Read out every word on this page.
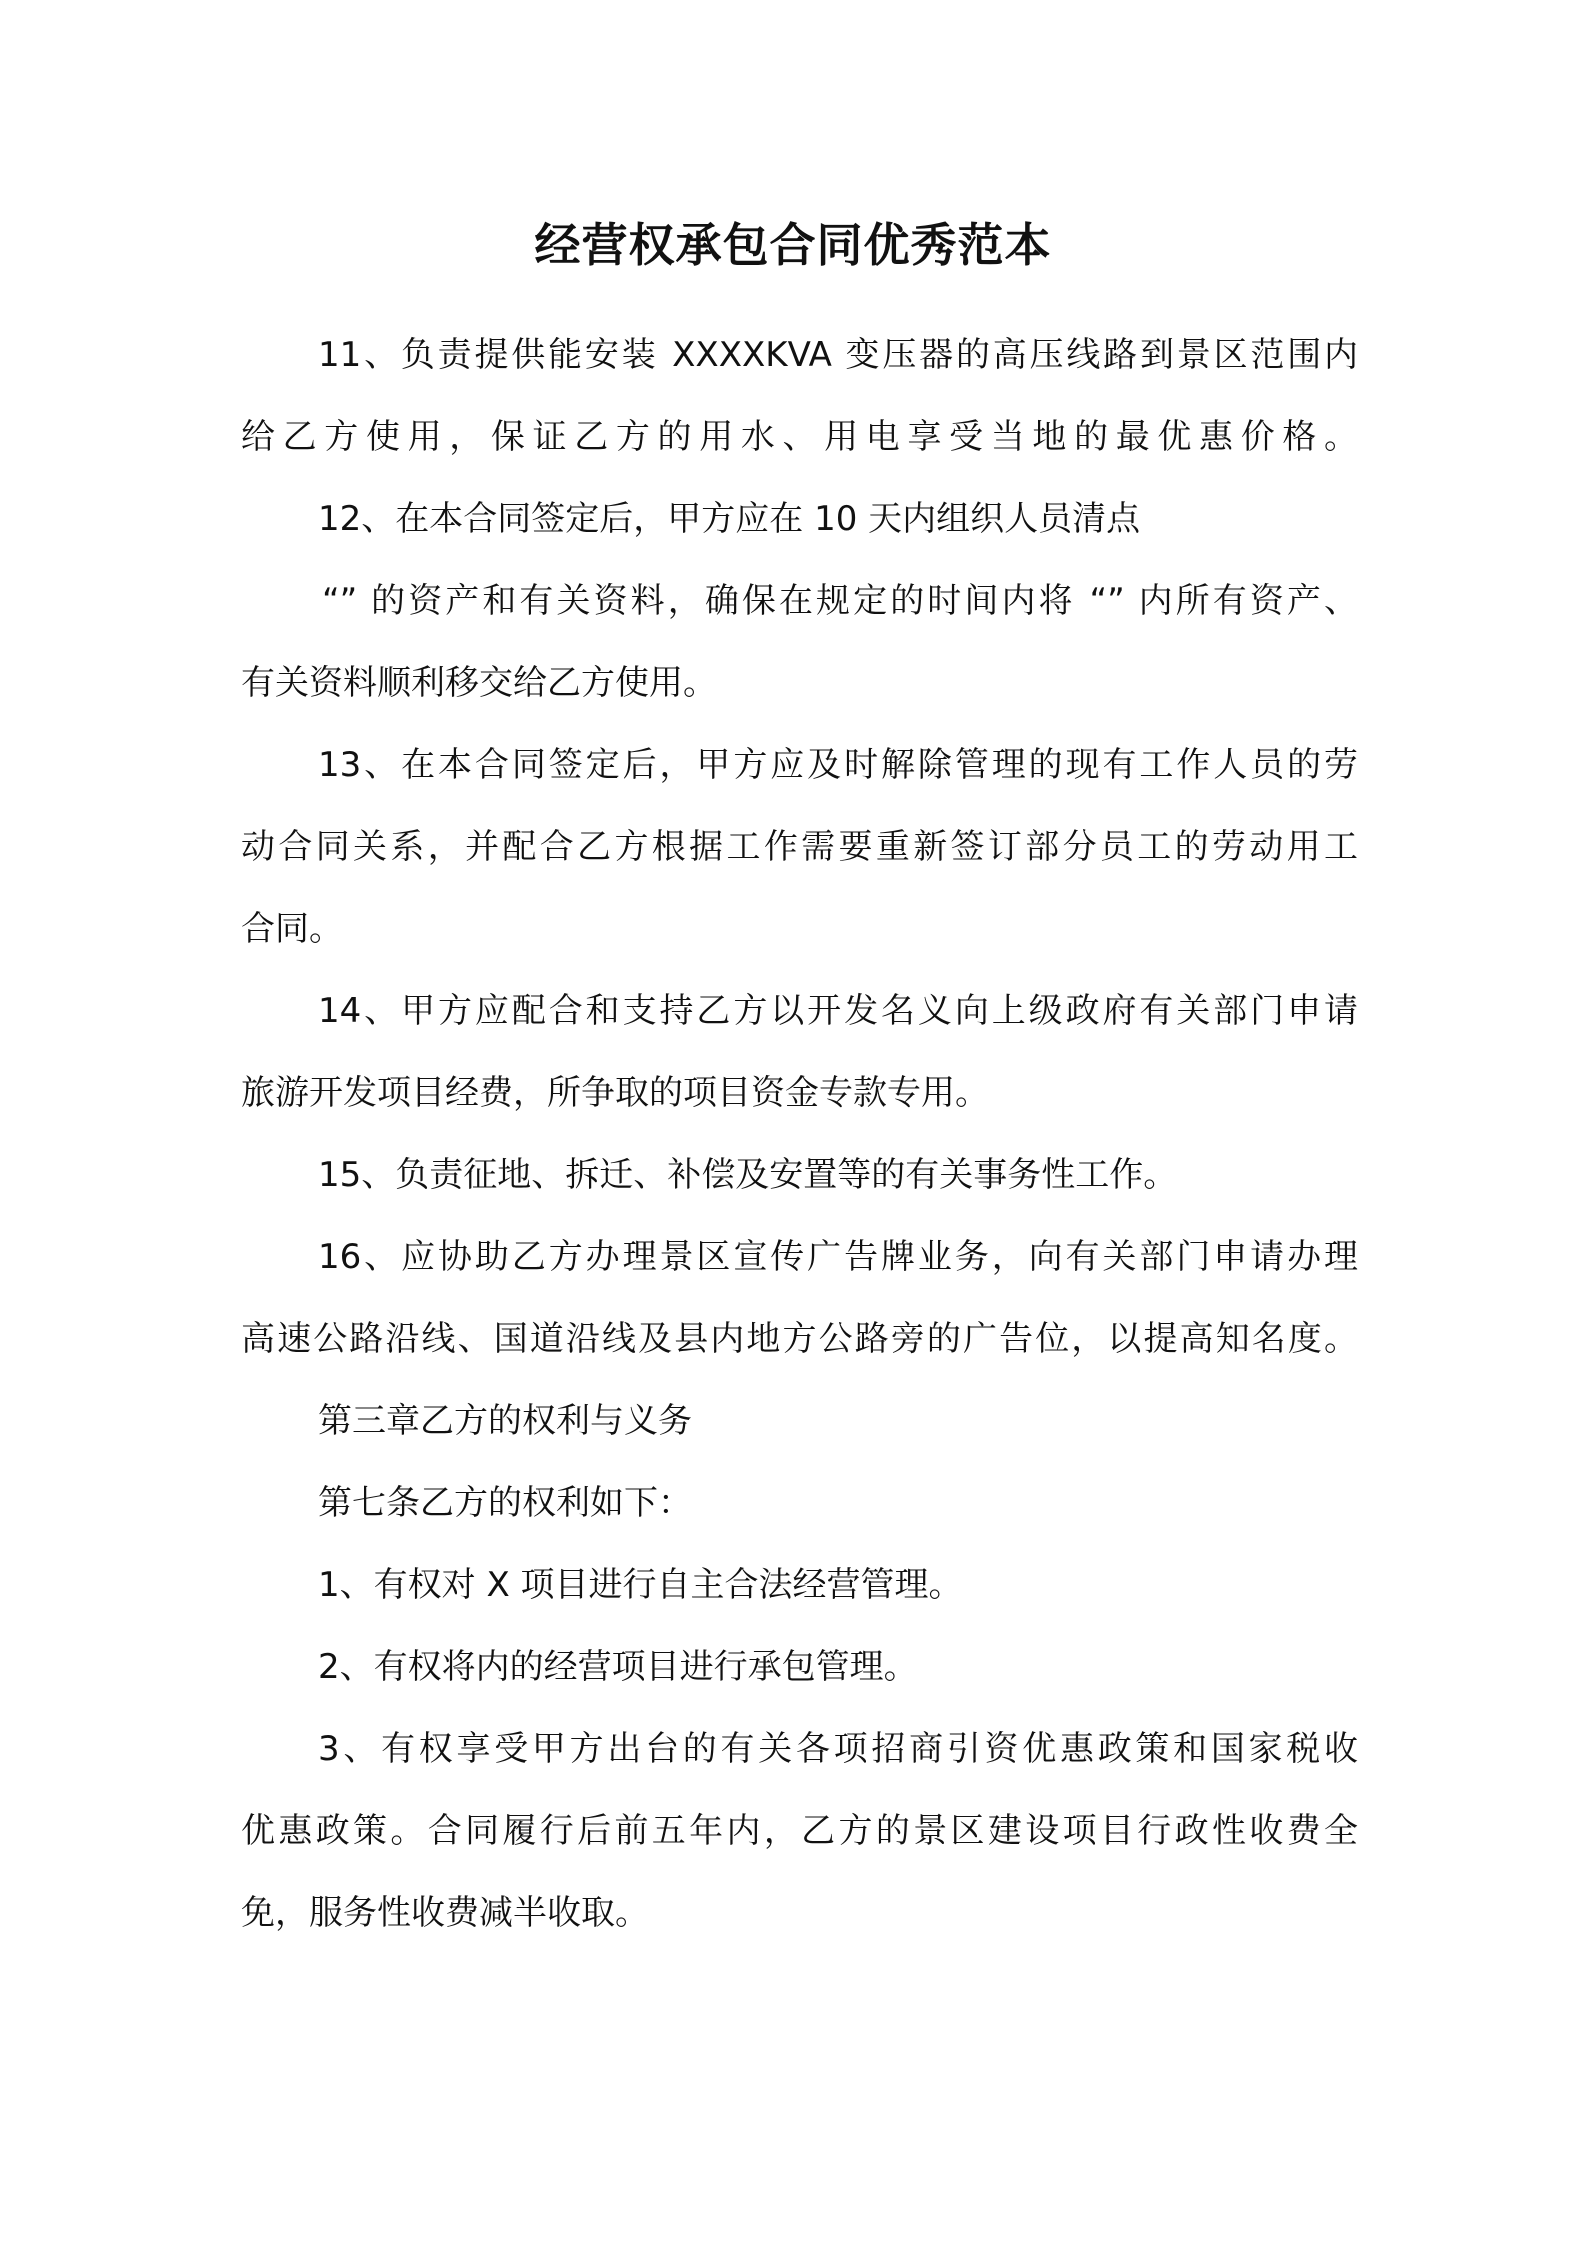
经营权承包合同优秀范本
11、负责提供能安装 XXXXKVA 变压器的高压线路到景区范围内
给乙方使用，保证乙方的用水、用电享受当地的最优惠价格。
12、在本合同签定后，甲方应在 10 天内组织人员清点
“” 的资产和有关资料，确保在规定的时间内将 “” 内所有资产、
有关资料顺利移交给乙方使用。
13、在本合同签定后，甲方应及时解除管理的现有工作人员的劳
动合同关系，并配合乙方根据工作需要重新签订部分员工的劳动用工
合同。
14、甲方应配合和支持乙方以开发名义向上级政府有关部门申请
旅游开发项目经费，所争取的项目资金专款专用。
15、负责征地、拆迁、补偿及安置等的有关事务性工作。
16、应协助乙方办理景区宣传广告牌业务，向有关部门申请办理
高速公路沿线、国道沿线及县内地方公路旁的广告位，以提高知名度。
第三章乙方的权利与义务
第七条乙方的权利如下：
1、有权对 X 项目进行自主合法经营管理。
2、有权将内的经营项目进行承包管理。
3、有权享受甲方出台的有关各项招商引资优惠政策和国家税收
优惠政策。合同履行后前五年内，乙方的景区建设项目行政性收费全
免，服务性收费减半收取。
